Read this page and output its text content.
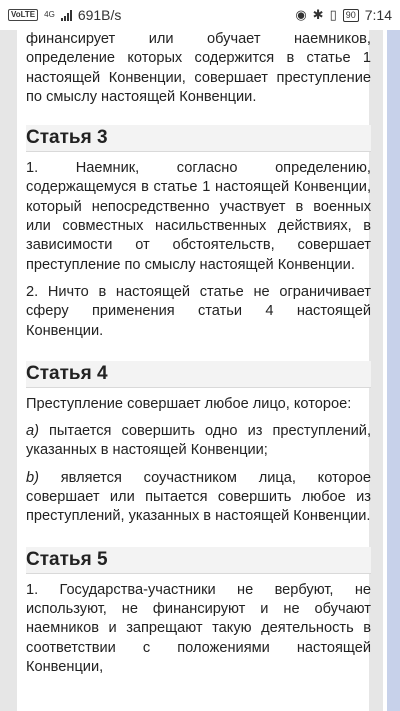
VoLTE	4G 691B/s	◉ ✱ ▯	90 7:14

финансирует или обучает наемников, определение которых содержится в статье 1 настоящей Конвенции, совершает преступление по смыслу настоящей Конвенции.

Статья 3

1. Наемник, согласно определению, содержащемуся в статье 1 настоящей Конвенции, который непосредственно участвует в военных или совместных насильственных действиях, в зависимости от обстоятельств, совершает преступление по смыслу настоящей Конвенции.

2. Ничто в настоящей статье не ограничивает сферу применения статьи 4 настоящей Конвенции.

Статья 4

Преступление совершает любое лицо, которое:

a) пытается совершить одно из преступлений, указанных в настоящей Конвенции;

b) является соучастником лица, которое совершает или пытается совершить любое из преступлений, указанных в настоящей Конвенции.

Статья 5

1. Государства-участники не вербуют, не используют, не финансируют и не обучают наемников и запрещают такую деятельность в соответствии с положениями настоящей Конвенции,
